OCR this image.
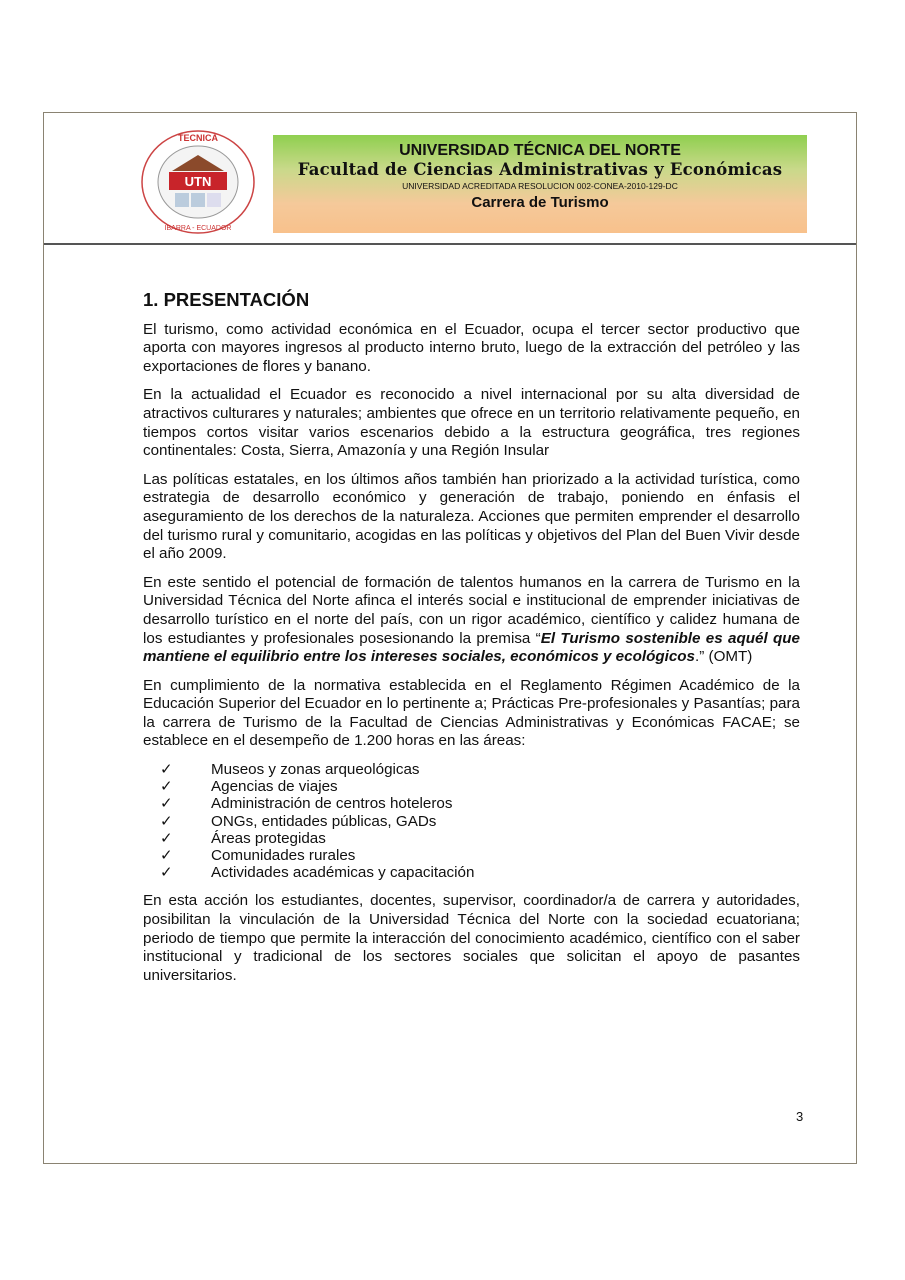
UTN
TECNICA
IBARRA - ECUADOR
UNIVERSIDAD TÉCNICA DEL NORTE
Facultad de Ciencias Administrativas y Económicas
UNIVERSIDAD ACREDITADA RESOLUCION 002-CONEA-2010-129-DC
Carrera de Turismo
1. PRESENTACIÓN

El turismo, como actividad económica en el Ecuador, ocupa el tercer sector productivo que aporta con mayores ingresos al producto interno bruto, luego de la extracción del petróleo y las exportaciones de flores y banano.

En la actualidad el Ecuador es reconocido a nivel internacional por su alta diversidad de atractivos culturares y naturales; ambientes que ofrece en un territorio relativamente pequeño, en tiempos cortos visitar varios escenarios debido a la estructura geográfica, tres regiones continentales: Costa, Sierra, Amazonía y una Región Insular

Las políticas estatales, en los últimos años también han priorizado a la actividad turística, como estrategia de desarrollo económico y generación de trabajo, poniendo en énfasis el aseguramiento de los derechos de la naturaleza. Acciones que permiten emprender el desarrollo del turismo rural y comunitario, acogidas en las políticas y objetivos del Plan del Buen Vivir desde el año 2009.

En este sentido el potencial de formación de talentos humanos en la carrera de Turismo en la Universidad Técnica del Norte afinca el interés social e institucional de emprender iniciativas de desarrollo turístico en el norte del país, con un rigor académico, científico y calidez humana de los estudiantes y profesionales posesionando la premisa “El Turismo sostenible es aquél que mantiene el equilibrio entre los intereses sociales, económicos y ecológicos.” (OMT)

En cumplimiento de la normativa establecida en el Reglamento Régimen Académico de la Educación Superior del Ecuador en lo pertinente a; Prácticas Pre-profesionales y Pasantías; para la carrera de Turismo de la Facultad de Ciencias Administrativas y Económicas FACAE; se establece en el desempeño de 1.200 horas en las áreas:

✓	Museos y zonas arqueológicas
✓	Agencias de viajes
✓	Administración de centros hoteleros
✓	ONGs, entidades públicas, GADs
✓	Áreas protegidas
✓	Comunidades rurales
✓	Actividades académicas y capacitación

En esta acción los estudiantes, docentes, supervisor, coordinador/a de carrera y autoridades, posibilitan la vinculación de la Universidad Técnica del Norte con la sociedad ecuatoriana; periodo de tiempo que permite la interacción del conocimiento académico, científico con el saber institucional y tradicional de los sectores sociales que solicitan el apoyo de pasantes universitarios.

3
